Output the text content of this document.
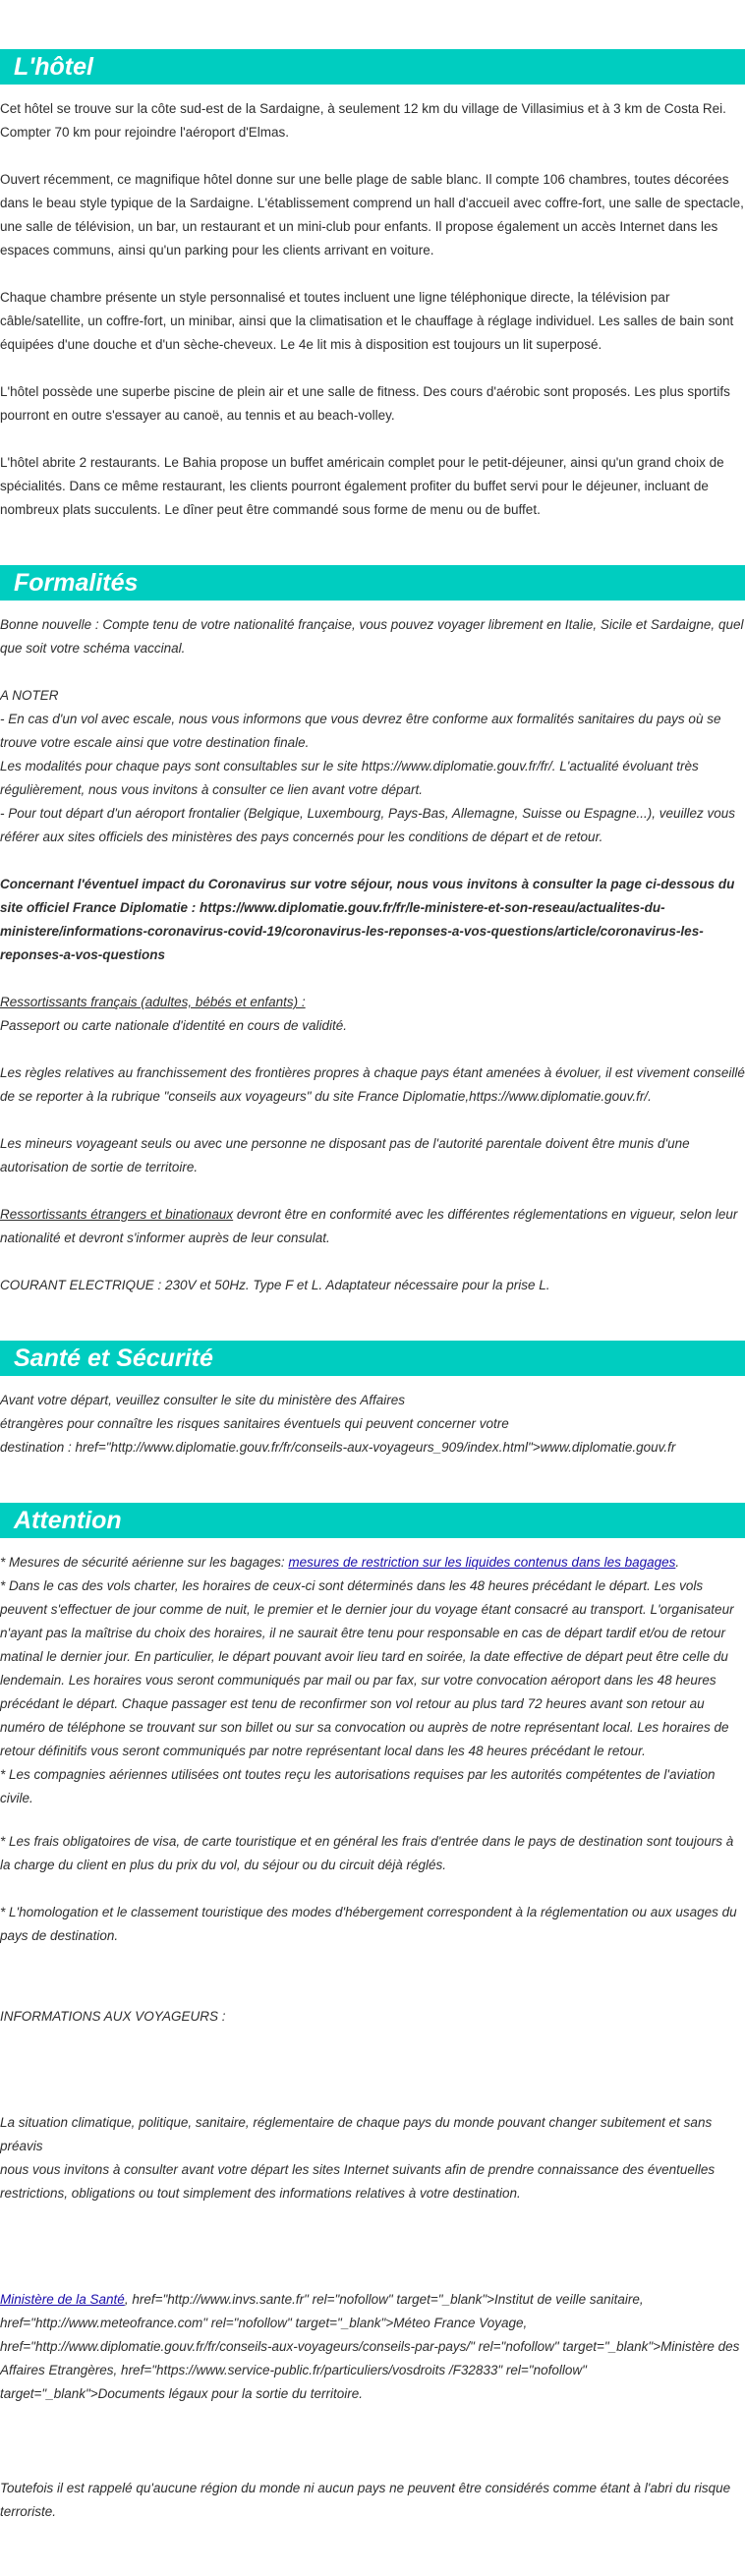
L'hôtel

Cet hôtel se trouve sur la côte sud-est de la Sardaigne, à seulement 12 km du village de Villasimius et à 3 km de Costa Rei. Compter 70 km pour rejoindre l'aéroport d'Elmas.

Ouvert récemment, ce magnifique hôtel donne sur une belle plage de sable blanc. Il compte 106 chambres, toutes décorées dans le beau style typique de la Sardaigne. L'établissement comprend un hall d'accueil avec coffre-fort, une salle de spectacle, une salle de télévision, un bar, un restaurant et un mini-club pour enfants. Il propose également un accès Internet dans les espaces communs, ainsi qu'un parking pour les clients arrivant en voiture.

Chaque chambre présente un style personnalisé et toutes incluent une ligne téléphonique directe, la télévision par câble/satellite, un coffre-fort, un minibar, ainsi que la climatisation et le chauffage à réglage individuel. Les salles de bain sont équipées d'une douche et d'un sèche-cheveux. Le 4e lit mis à disposition est toujours un lit superposé.

L'hôtel possède une superbe piscine de plein air et une salle de fitness. Des cours d'aérobic sont proposés. Les plus sportifs pourront en outre s'essayer au canoë, au tennis et au beach-volley.

L'hôtel abrite 2 restaurants. Le Bahia propose un buffet américain complet pour le petit-déjeuner, ainsi qu'un grand choix de spécialités. Dans ce même restaurant, les clients pourront également profiter du buffet servi pour le déjeuner, incluant de nombreux plats succulents. Le dîner peut être commandé sous forme de menu ou de buffet.

Formalités

Bonne nouvelle : Compte tenu de votre nationalité française, vous pouvez voyager librement en Italie, Sicile et Sardaigne, quel que soit votre schéma vaccinal.

A NOTER
- En cas d'un vol avec escale, nous vous informons que vous devrez être conforme aux formalités sanitaires du pays où se trouve votre escale ainsi que votre destination finale.
Les modalités pour chaque pays sont consultables sur le site https://www.diplomatie.gouv.fr/fr/. L'actualité évoluant très régulièrement, nous vous invitons à consulter ce lien avant votre départ.
- Pour tout départ d'un aéroport frontalier (Belgique, Luxembourg, Pays-Bas, Allemagne, Suisse ou Espagne...), veuillez vous référer aux sites officiels des ministères des pays concernés pour les conditions de départ et de retour.

Concernant l'éventuel impact du Coronavirus sur votre séjour, nous vous invitons à consulter la page ci-dessous du site officiel France Diplomatie : https://www.diplomatie.gouv.fr/fr/le-ministere-et-son-reseau/actualites-du-ministere/informations-coronavirus-covid-19/coronavirus-les-reponses-a-vos-questions/article/coronavirus-les-reponses-a-vos-questions

Ressortissants français (adultes, bébés et enfants) :
Passeport ou carte nationale d'identité en cours de validité.

Les règles relatives au franchissement des frontières propres à chaque pays étant amenées à évoluer, il est vivement conseillé de se reporter à la rubrique "conseils aux voyageurs" du site France Diplomatie,https://www.diplomatie.gouv.fr/.

Les mineurs voyageant seuls ou avec une personne ne disposant pas de l'autorité parentale doivent être munis d'une autorisation de sortie de territoire.

Ressortissants étrangers et binationaux devront être en conformité avec les différentes réglementations en vigueur, selon leur nationalité et devront s'informer auprès de leur consulat.

COURANT ELECTRIQUE : 230V et 50Hz. Type F et L. Adaptateur nécessaire pour la prise L.

Santé et Sécurité
Avant votre départ, veuillez consulter le site du ministère des Affaires
étrangères pour connaître les risques sanitaires éventuels qui peuvent concerner votre
destination : href="http://www.diplomatie.gouv.fr/fr/conseils-aux-voyageurs_909/index.html">www.diplomatie.gouv.fr
Attention
* Mesures de sécurité aérienne sur les bagages: mesures de restriction sur les liquides contenus dans les bagages.
* Dans le cas des vols charter, les horaires de ceux-ci sont déterminés dans les 48 heures précédant le départ. Les vols peuvent s'effectuer de jour comme de nuit, le premier et le dernier jour du voyage étant consacré au transport. L'organisateur n'ayant pas la maîtrise du choix des horaires, il ne saurait être tenu pour responsable en cas de départ tardif et/ou de retour matinal le dernier jour. En particulier, le départ pouvant avoir lieu tard en soirée, la date effective de départ peut être celle du lendemain. Les horaires vous seront communiqués par mail ou par fax, sur votre convocation aéroport dans les 48 heures précédant le départ. Chaque passager est tenu de reconfirmer son vol retour au plus tard 72 heures avant son retour au numéro de téléphone se trouvant sur son billet ou sur sa convocation ou auprès de notre représentant local. Les horaires de retour définitifs vous seront communiqués par notre représentant local dans les 48 heures précédant le retour.
* Les compagnies aériennes utilisées ont toutes reçu les autorisations requises par les autorités compétentes de l'aviation civile.

* Les frais obligatoires de visa, de carte touristique et en général les frais d'entrée dans le pays de destination sont toujours à la charge du client en plus du prix du vol, du séjour ou du circuit déjà réglés.

* L'homologation et le classement touristique des modes d'hébergement correspondent à la réglementation ou aux usages du pays de destination.

INFORMATIONS AUX VOYAGEURS :

La situation climatique, politique, sanitaire, réglementaire de chaque pays du monde pouvant changer subitement et sans préavis
nous vous invitons à consulter avant votre départ les sites Internet suivants afin de prendre connaissance des éventuelles restrictions, obligations ou tout simplement des informations relatives à votre destination.

Ministère de la Santé, href="http://www.invs.sante.fr" rel="nofollow" target="_blank">Institut de veille sanitaire, href="http://www.meteofrance.com" rel="nofollow" target="_blank">Méteo France Voyage, href="http://www.diplomatie.gouv.fr/fr/conseils-aux-voyageurs/conseils-par-pays/" rel="nofollow" target="_blank">Ministère des Affaires Etrangères, href="https://www.service-public.fr/particuliers/vosdroits /F32833" rel="nofollow" target="_blank">Documents légaux pour la sortie du territoire.

Toutefois il est rappelé qu'aucune région du monde ni aucun pays ne peuvent être considérés comme étant à l'abri du risque terroriste.
